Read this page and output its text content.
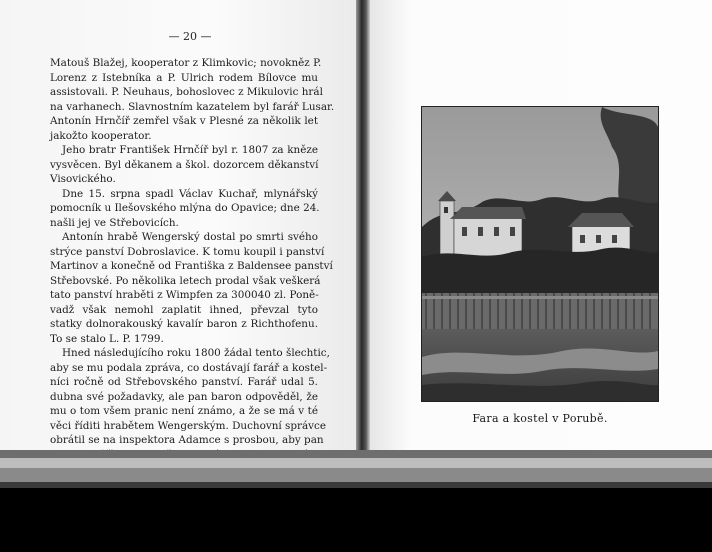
— 20 —
Matouš Blažej, kooperator z Klimkovic; novokněz P.
Lorenz z Istebníka a P. Ulrich rodem Bílovce mu
assistovali. P. Neuhaus, bohoslovec z Mikulovic hrál
na varhanech. Slavnostním kazatelem byl farář Lusar.
Antonín Hrnčíř zemřel však v Plesné za několik let
jakožto kooperator.
Jeho bratr František Hrnčíř byl r. 1807 za kněze
vysvěcen. Byl děkanem a škol. dozorcem děkanství
Visovického.
Dne 15. srpna spadl Václav Kuchař, mlynářský
pomocník u Ilešovského mlýna do Opavice; dne 24.
našli jej ve Střebovicích.
Antonín hrabě Wengerský dostal po smrti svého
strýce panství Dobroslavice. K tomu koupil i panství
Martinov a konečně od Františka z Baldensee panství
Střebovské. Po několika letech prodal však veškerá
tato panství hraběti z Wimpfen za 300040 zl. Poně-
vadž však nemohl zaplatit ihned, převzal tyto
statky dolnorakouský kavalír baron z Richthofenu.
To se stalo L. P. 1799.
Hned následujícího roku 1800 žádal tento šlechtic,
aby se mu podala zpráva, co dostávají farář a kostel-
níci ročně od Střebovského panství. Farář udal 5.
dubna své požadavky, ale pan baron odpověděl, že
mu o tom všem pranic není známo, a že se má v té
věci říditi hrabětem Wengerským. Duchovní správce
obrátil se na inspektora Adamce s prosbou, aby pan
Fara a kostel v Porubě.
